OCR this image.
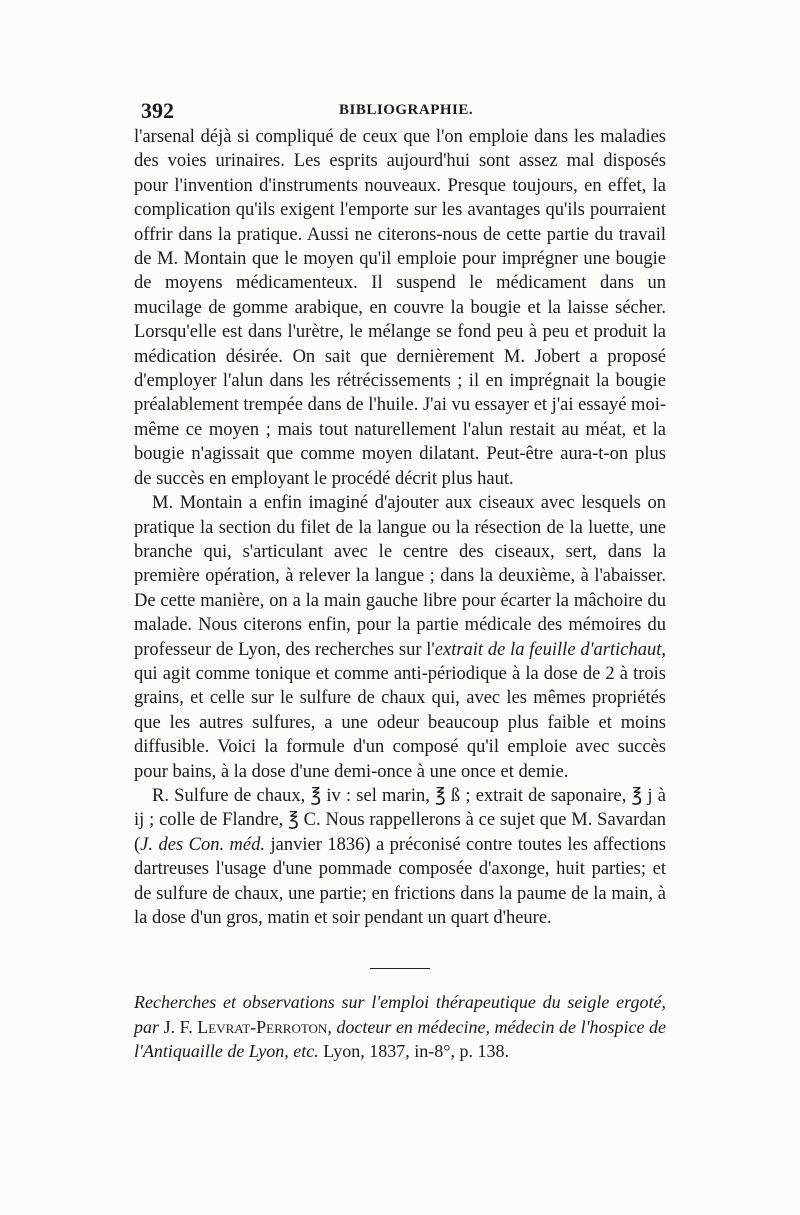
392	BIBLIOGRAPHIE.

l'arsenal déjà si compliqué de ceux que l'on emploie dans les maladies des voies urinaires. Les esprits aujourd'hui sont assez mal disposés pour l'invention d'instruments nouveaux. Presque toujours, en effet, la complication qu'ils exigent l'emporte sur les avantages qu'ils pourraient offrir dans la pratique. Aussi ne citerons-nous de cette partie du travail de M. Montain que le moyen qu'il emploie pour imprégner une bougie de moyens médicamenteux. Il suspend le médicament dans un mucilage de gomme arabique, en couvre la bougie et la laisse sécher. Lorsqu'elle est dans l'urètre, le mélange se fond peu à peu et produit la médication désirée. On sait que dernièrement M. Jobert a proposé d'employer l'alun dans les rétrécissements ; il en imprégnait la bougie préalablement trempée dans de l'huile. J'ai vu essayer et j'ai essayé moi-même ce moyen ; mais tout naturellement l'alun restait au méat, et la bougie n'agissait que comme moyen dilatant. Peut-être aura-t-on plus de succès en employant le procédé décrit plus haut.

M. Montain a enfin imaginé d'ajouter aux ciseaux avec lesquels on pratique la section du filet de la langue ou la résection de la luette, une branche qui, s'articulant avec le centre des ciseaux, sert, dans la première opération, à relever la langue ; dans la deuxième, à l'abaisser. De cette manière, on a la main gauche libre pour écarter la mâchoire du malade. Nous citerons enfin, pour la partie médicale des mémoires du professeur de Lyon, des recherches sur l'extrait de la feuille d'artichaut, qui agit comme tonique et comme anti-périodique à la dose de 2 à trois grains, et celle sur le sulfure de chaux qui, avec les mêmes propriétés que les autres sulfures, a une odeur beaucoup plus faible et moins diffusible. Voici la formule d'un composé qu'il emploie avec succès pour bains, à la dose d'une demi-once à une once et demie.

R. Sulfure de chaux, ℥ iv : sel marin, ℥ ß ; extrait de saponaire, ℥ j à ij ; colle de Flandre, ℥ C. Nous rappellerons à ce sujet que M. Savardan (J. des Con. méd. janvier 1836) a préconisé contre toutes les affections dartreuses l'usage d'une pommade composée d'axonge, huit parties; et de sulfure de chaux, une partie; en frictions dans la paume de la main, à la dose d'un gros, matin et soir pendant un quart d'heure.

Recherches et observations sur l'emploi thérapeutique du seigle ergoté, par J. F. Levrat-Perroton, docteur en médecine, médecin de l'hospice de l'Antiquaille de Lyon, etc. Lyon, 1837, in-8°, p. 138.
